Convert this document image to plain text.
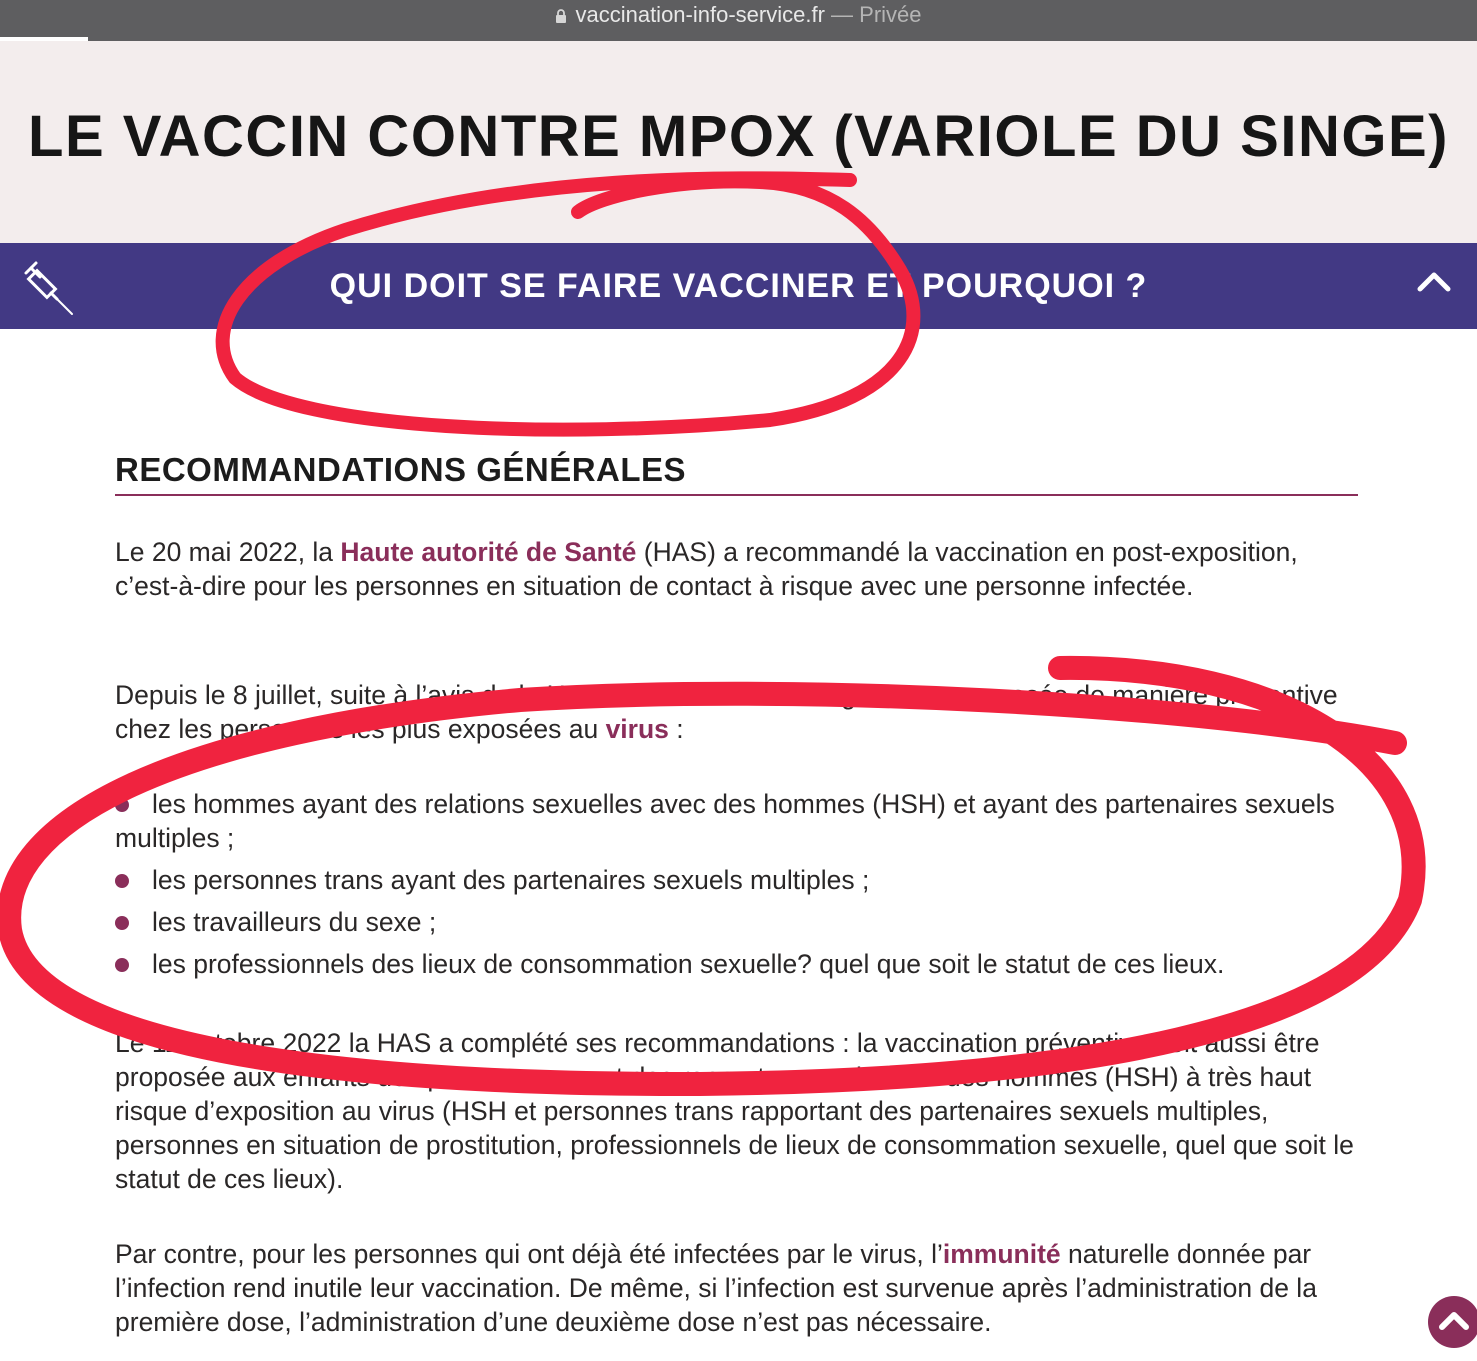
vaccination-info-service.fr — Privée
LE VACCIN CONTRE MPOX (VARIOLE DU SINGE)
QUI DOIT SE FAIRE VACCINER ET POURQUOI ?
RECOMMANDATIONS GÉNÉRALES

Le 20 mai 2022, la Haute autorité de Santé (HAS) a recommandé la vaccination en post-exposition, c’est-à-dire pour les personnes en situation de contact à risque avec une personne infectée.

Depuis le 8 juillet, suite à l’avis de la HAS, la vaccination est également proposée de manière préventive chez les personnes les plus exposées au virus :

Le 11 octobre 2022 la HAS a complété ses recommandations : la vaccination préventive doit aussi être proposée aux enfants des personnes ayant des rapports sexuels avec des hommes (HSH) à très haut risque d’exposition au virus (HSH et personnes trans rapportant des partenaires sexuels multiples, personnes en situation de prostitution, professionnels de lieux de consommation sexuelle, quel que soit le statut de ces lieux).

Par contre, pour les personnes qui ont déjà été infectées par le virus, l’immunité naturelle donnée par l’infection rend inutile leur vaccination. De même, si l’infection est survenue après l’administration de la première dose, l’administration d’une deuxième dose n’est pas nécessaire.

les hommes ayant des relations sexuelles avec des hommes (HSH) et ayant des partenaires sexuels multiples ;
les personnes trans ayant des partenaires sexuels multiples ;
les travailleurs du sexe ;
les professionnels des lieux de consommation sexuelle? quel que soit le statut de ces lieux.
